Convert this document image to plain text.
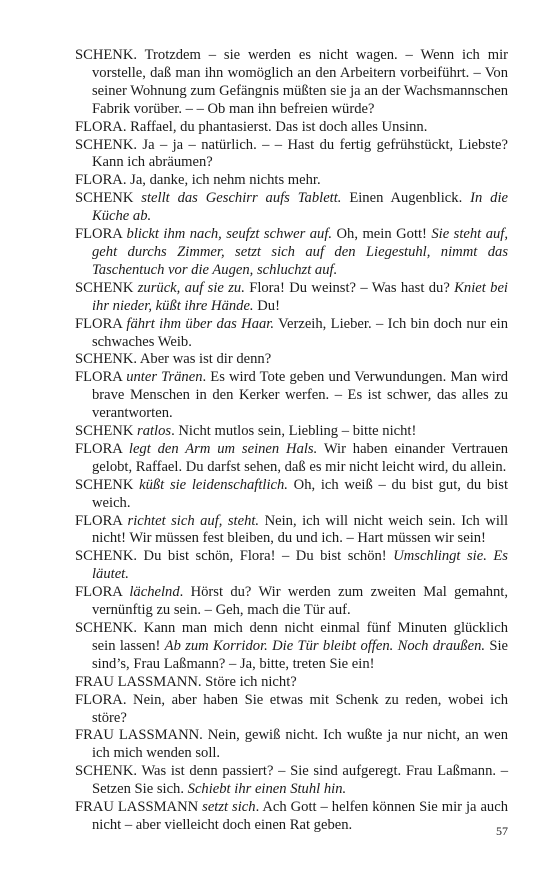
SCHENK. Trotzdem – sie werden es nicht wagen. – Wenn ich mir vorstelle, daß man ihn womöglich an den Arbeitern vorbeiführt. – Von seiner Wohnung zum Gefängnis müßten sie ja an der Wachsmannschen Fabrik vorüber. – – Ob man ihn befreien würde?

FLORA. Raffael, du phantasierst. Das ist doch alles Unsinn.

SCHENK. Ja – ja – natürlich. – – Hast du fertig gefrühstückt, Liebste? Kann ich abräumen?

FLORA. Ja, danke, ich nehm nichts mehr.

SCHENK stellt das Geschirr aufs Tablett. Einen Augenblick. In die Küche ab.

FLORA blickt ihm nach, seufzt schwer auf. Oh, mein Gott! Sie steht auf, geht durchs Zimmer, setzt sich auf den Liegestuhl, nimmt das Taschentuch vor die Augen, schluchzt auf.

SCHENK zurück, auf sie zu. Flora! Du weinst? – Was hast du? Kniet bei ihr nieder, küßt ihre Hände. Du!

FLORA fährt ihm über das Haar. Verzeih, Lieber. – Ich bin doch nur ein schwaches Weib.

SCHENK. Aber was ist dir denn?

FLORA unter Tränen. Es wird Tote geben und Verwundungen. Man wird brave Menschen in den Kerker werfen. – Es ist schwer, das alles zu verantworten.

SCHENK ratlos. Nicht mutlos sein, Liebling – bitte nicht!

FLORA legt den Arm um seinen Hals. Wir haben einander Vertrauen gelobt, Raffael. Du darfst sehen, daß es mir nicht leicht wird, du allein.

SCHENK küßt sie leidenschaftlich. Oh, ich weiß – du bist gut, du bist weich.

FLORA richtet sich auf, steht. Nein, ich will nicht weich sein. Ich will nicht! Wir müssen fest bleiben, du und ich. – Hart müssen wir sein!

SCHENK. Du bist schön, Flora! – Du bist schön! Umschlingt sie. Es läutet.

FLORA lächelnd. Hörst du? Wir werden zum zweiten Mal gemahnt, vernünftig zu sein. – Geh, mach die Tür auf.

SCHENK. Kann man mich denn nicht einmal fünf Minuten glücklich sein lassen! Ab zum Korridor. Die Tür bleibt offen. Noch draußen. Sie sind’s, Frau Laßmann? – Ja, bitte, treten Sie ein!

FRAU LASSMANN. Störe ich nicht?

FLORA. Nein, aber haben Sie etwas mit Schenk zu reden, wobei ich störe?

FRAU LASSMANN. Nein, gewiß nicht. Ich wußte ja nur nicht, an wen ich mich wenden soll.

SCHENK. Was ist denn passiert? – Sie sind aufgeregt. Frau Laßmann. – Setzen Sie sich. Schiebt ihr einen Stuhl hin.

FRAU LASSMANN setzt sich. Ach Gott – helfen können Sie mir ja auch nicht – aber vielleicht doch einen Rat geben.	57
